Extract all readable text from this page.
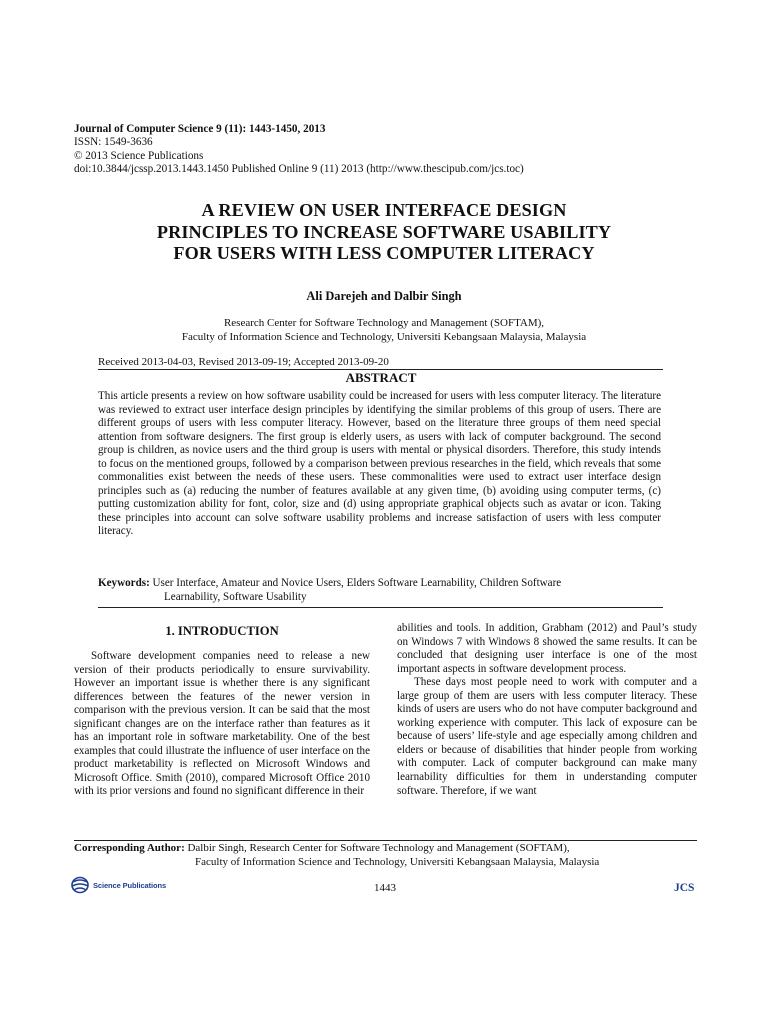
Journal of Computer Science 9 (11): 1443-1450, 2013
ISSN: 1549-3636
© 2013 Science Publications
doi:10.3844/jcssp.2013.1443.1450 Published Online 9 (11) 2013 (http://www.thescipub.com/jcs.toc)
A REVIEW ON USER INTERFACE DESIGN
PRINCIPLES TO INCREASE SOFTWARE USABILITY
FOR USERS WITH LESS COMPUTER LITERACY
Ali Darejeh and Dalbir Singh
Research Center for Software Technology and Management (SOFTAM),
Faculty of Information Science and Technology, Universiti Kebangsaan Malaysia, Malaysia
Received 2013-04-03, Revised 2013-09-19; Accepted 2013-09-20
ABSTRACT
This article presents a review on how software usability could be increased for users with less computer literacy. The literature was reviewed to extract user interface design principles by identifying the similar problems of this group of users. There are different groups of users with less computer literacy. However, based on the literature three groups of them need special attention from software designers. The first group is elderly users, as users with lack of computer background. The second group is children, as novice users and the third group is users with mental or physical disorders. Therefore, this study intends to focus on the mentioned groups, followed by a comparison between previous researches in the field, which reveals that some commonalities exist between the needs of these users. These commonalities were used to extract user interface design principles such as (a) reducing the number of features available at any given time, (b) avoiding using computer terms, (c) putting customization ability for font, color, size and (d) using appropriate graphical objects such as avatar or icon. Taking these principles into account can solve software usability problems and increase satisfaction of users with less computer literacy.
Keywords: User Interface, Amateur and Novice Users, Elders Software Learnability, Children Software
Learnability, Software Usability
1. INTRODUCTION

Software development companies need to release a new version of their products periodically to ensure survivability. However an important issue is whether there is any significant differences between the features of the newer version in comparison with the previous version. It can be said that the most significant changes are on the interface rather than features as it has an important role in software marketability. One of the best examples that could illustrate the influence of user interface on the product marketability is reflected on Microsoft Windows and Microsoft Office. Smith (2010), compared Microsoft Office 2010 with its prior versions and found no significant difference in their

abilities and tools. In addition, Grabham (2012) and Paul’s study on Windows 7 with Windows 8 showed the same results. It can be concluded that designing user interface is one of the most important aspects in software development process.

These days most people need to work with computer and a large group of them are users with less computer literacy. These kinds of users are users who do not have computer background and working experience with computer. This lack of exposure can be because of users’ life-style and age especially among children and elders or because of disabilities that hinder people from working with computer. Lack of computer background can make many learnability difficulties for them in understanding computer software. Therefore, if we want

Corresponding Author: Dalbir Singh, Research Center for Software Technology and Management (SOFTAM),
Faculty of Information Science and Technology, Universiti Kebangsaan Malaysia, Malaysia
Science Publications	1443	JCS
